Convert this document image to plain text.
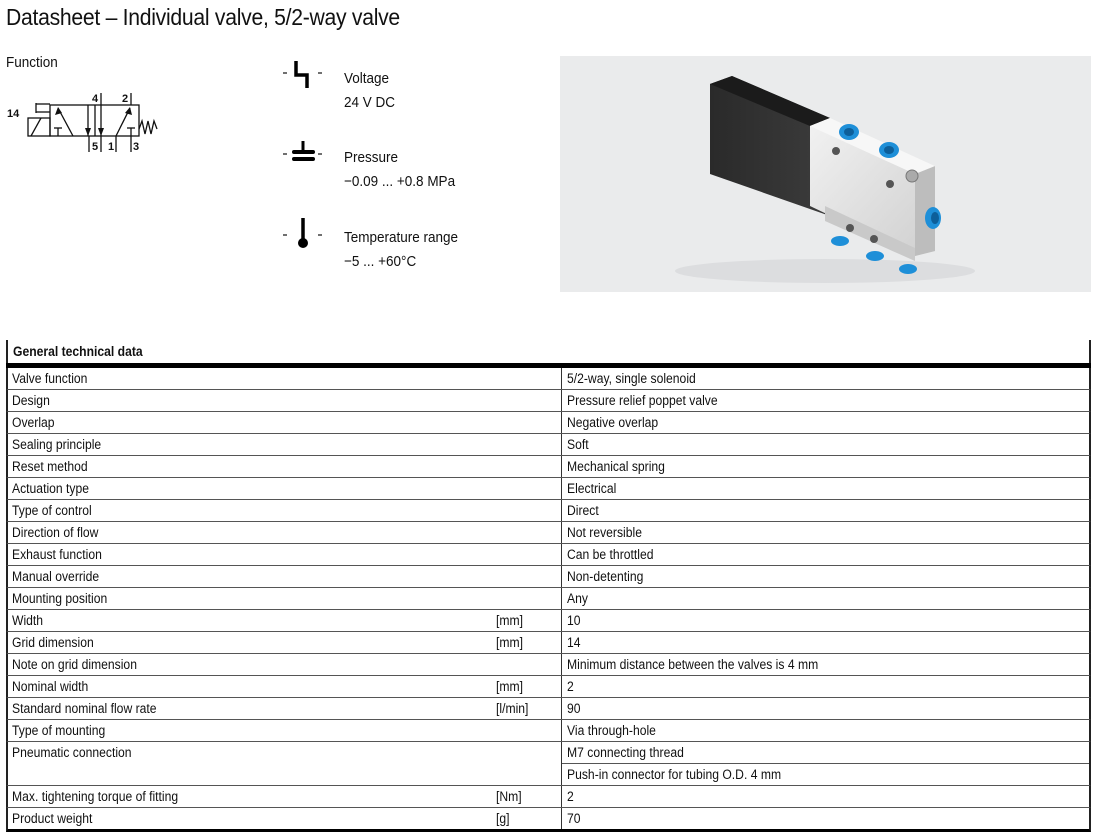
Datasheet – Individual valve, 5/2-way valve
Function
14
4 2
5 1 3
Voltage
24 V DC
Pressure
−0.09 ... +0.8 MPa
Temperature range
−5 ... +60°C
General technical data
Valve function	5/2-way, single solenoid
Design	Pressure relief poppet valve
Overlap	Negative overlap
Sealing principle	Soft
Reset method	Mechanical spring
Actuation type	Electrical
Type of control	Direct
Direction of flow	Not reversible
Exhaust function	Can be throttled
Manual override	Non-detenting
Mounting position	Any
Width	[mm]	10
Grid dimension	[mm]	14
Note on grid dimension	Minimum distance between the valves is 4 mm
Nominal width	[mm]	2
Standard nominal flow rate	[l/min]	90
Type of mounting	Via through-hole
Pneumatic connection	M7 connecting thread
Push-in connector for tubing O.D. 4 mm
Max. tightening torque of fitting	[Nm]	2
Product weight	[g]	70
